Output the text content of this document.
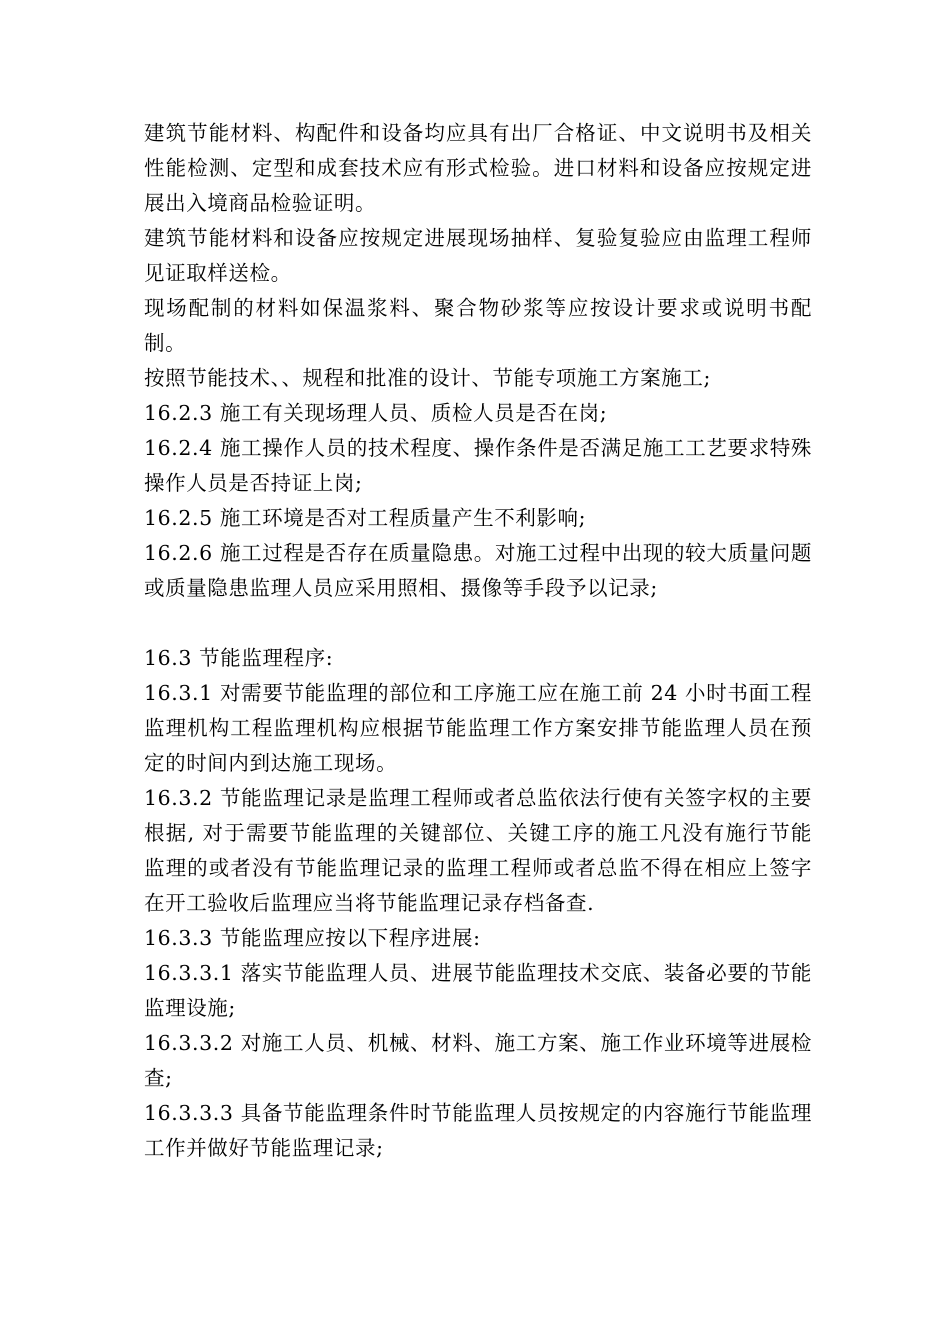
建筑节能材料、构配件和设备均应具有出厂合格证、中文说明书及相关性能检测、定型和成套技术应有形式检验。进口材料和设备应按规定进展出入境商品检验证明。

建筑节能材料和设备应按规定进展现场抽样、复验复验应由监理工程师见证取样送检。

现场配制的材料如保温浆料、聚合物砂浆等应按设计要求或说明书配制。

按照节能技术、、规程和批准的设计、节能专项施工方案施工;

16.2.3 施工有关现场理人员、质检人员是否在岗;

16.2.4 施工操作人员的技术程度、操作条件是否满足施工工艺要求特殊操作人员是否持证上岗;

16.2.5 施工环境是否对工程质量产生不利影响;

16.2.6 施工过程是否存在质量隐患。对施工过程中出现的较大质量问题或质量隐患监理人员应采用照相、摄像等手段予以记录;

16.3 节能监理程序:

16.3.1 对需要节能监理的部位和工序施工应在施工前 24 小时书面工程监理机构工程监理机构应根据节能监理工作方案安排节能监理人员在预定的时间内到达施工现场。

16.3.2 节能监理记录是监理工程师或者总监依法行使有关签字权的主要根据, 对于需要节能监理的关键部位、关键工序的施工凡没有施行节能监理的或者没有节能监理记录的监理工程师或者总监不得在相应上签字在开工验收后监理应当将节能监理记录存档备查.

16.3.3 节能监理应按以下程序进展:

16.3.3.1 落实节能监理人员、进展节能监理技术交底、装备必要的节能监理设施;

16.3.3.2 对施工人员、机械、材料、施工方案、施工作业环境等进展检查;

16.3.3.3 具备节能监理条件时节能监理人员按规定的内容施行节能监理工作并做好节能监理记录;
